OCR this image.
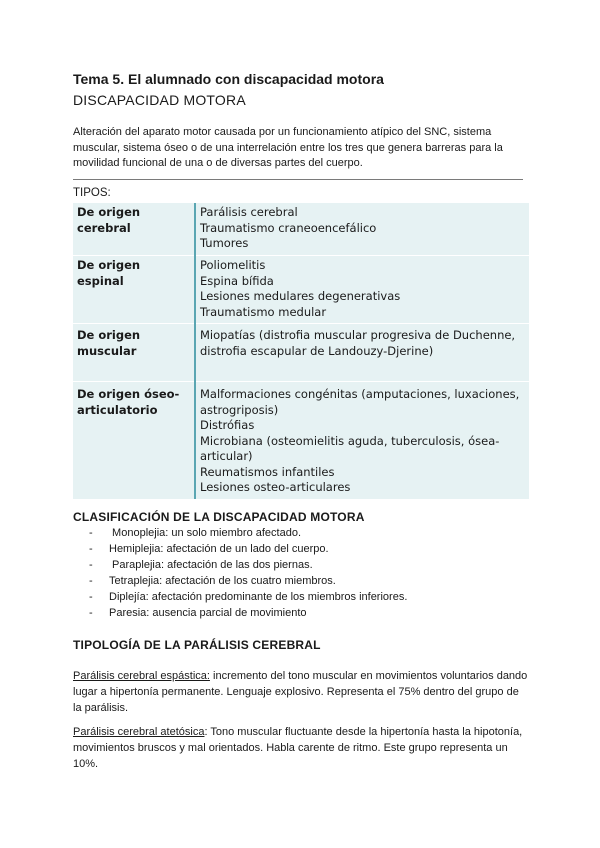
Tema 5. El alumnado con discapacidad motora
DISCAPACIDAD MOTORA
Alteración del aparato motor causada por un funcionamiento atípico del SNC, sistema muscular, sistema óseo o de una interrelación entre los tres que genera barreras para la movilidad funcional de una o de diversas partes del cuerpo.
TIPOS:
De origen cerebral	Parálisis cerebral
Traumatismo craneoencefálico
Tumores

De origen espinal	Poliomelitis
Espina bífida
Lesiones medulares degenerativas
Traumatismo medular

De origen muscular	Miopatías (distrofia muscular progresiva de Duchenne, distrofia escapular de Landouzy-Djerine)

De origen óseo-articulatorio	Malformaciones congénitas (amputaciones, luxaciones, astrogriposis)
Distrófias
Microbiana (osteomielitis aguda, tuberculosis, ósea-articular)
Reumatismos infantiles
Lesiones osteo-articulares
CLASIFICACIÓN DE LA DISCAPACIDAD MOTORA
- Monoplejia: un solo miembro afectado.
- Hemiplejia: afectación de un lado del cuerpo.
- Paraplejia: afectación de las dos piernas.
- Tetraplejia: afectación de los cuatro miembros.
- Diplejía: afectación predominante de los miembros inferiores.
- Paresia: ausencia parcial de movimiento
TIPOLOGÍA DE LA PARÁLISIS CEREBRAL
Parálisis cerebral espástica: incremento del tono muscular en movimientos voluntarios dando lugar a hipertonía permanente. Lenguaje explosivo. Representa el 75% dentro del grupo de la parálisis.
Parálisis cerebral atetósica: Tono muscular fluctuante desde la hipertonía hasta la hipotonía, movimientos bruscos y mal orientados. Habla carente de ritmo. Este grupo representa un 10%.
